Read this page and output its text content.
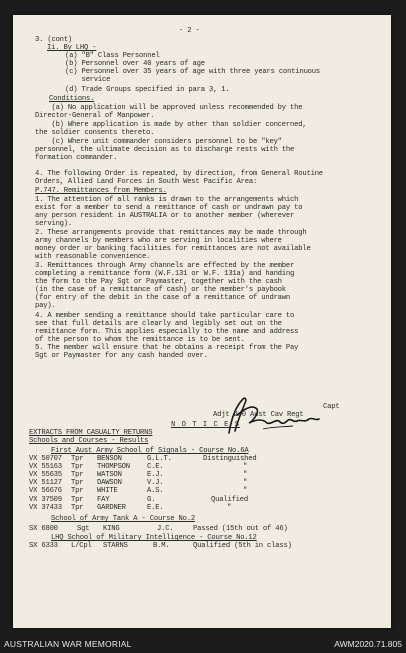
- 2 -
3. (cont)
Ii. By LHQ -
(a) "B" Class Personnel
(b) Personnel over 40 years of age
(c) Personnel over 35 years of age with three years continuous
service
(d) Trade Groups specified in para 3, 1.
Conditions.
(a) No application will be approved unless recommended by the
Director-General of Manpower.
(b) Where application is made by other than soldier concerned,
the soldier consents thereto.
(c) Where unit commander considers personnel to be "key"
personnel, the ultimate decision as to discharge rests with the
formation commander.
4. The following Order is repeated, by direction, from General Routine
Orders, Allied Land Forces in South West Pacific Area:
P.747. Remittances from Members.
1. The attention of all ranks is drawn to the arrangements which
exist for a member to send a remittance of cash or undrawn pay to
any person resident in AUSTRALIA or to another member (wherever
serving).
2. These arrangements provide that remittances may be made through
army channels by members who are serving in localities where
money order or banking facilities for remittances are not available
with reasonable convenience.
3. Remittances through Army channels are effected by the member
completing a remittance form (W.F.131 or W.F. 131a) and handing
the form to the Pay Sgt or Paymaster, together with the cash
(in the case of a remittance of cash) or the member's paybook
(for entry of the debit in the case of a remittance of undrawn
pay).
4. A member sending a remittance should take particular care to
see that full details are clearly and legibly set out on the
remittance form. This applies especially to the name and address
of the person to whom the remittance is to be sent.
5. The member will ensure that he obtains a receipt from the Pay
Sgt or Paymaster for any cash handed over.
Capt
Adjt 2/0 Aust Cav Regt
N O T I C E S
EXTRACTS FROM CASUALTY RETURNS
Schools and Courses - Results
First Aust Army School of Signals - Course No.6A
VX 50707 Tpr BENSON	G.L.T.	Distinguished
VX 55163 Tpr THOMPSON C.E.	"
VX 55635 Tpr WATSON	E.J.	"
VX 51127 Tpr DAWSON	V.J.	"
VX 56676 Tpr WHITE	A.S.	"
VX 37509 Tpr FAY	G.	Qualified
VX 37433 Tpr GARDNER	E.E.	"
School of Army Tank A - Course No.2
SX 6800	Sgt KING	J.C.	Passed (15th out of 46)
LHQ School of Military Intelligence - Course No.12
SX 6333 L/Cpl STARNS	B.M.	Qualified (5th in class)
AUSTRALIAN WAR MEMORIAL	AWM2020.71.805
